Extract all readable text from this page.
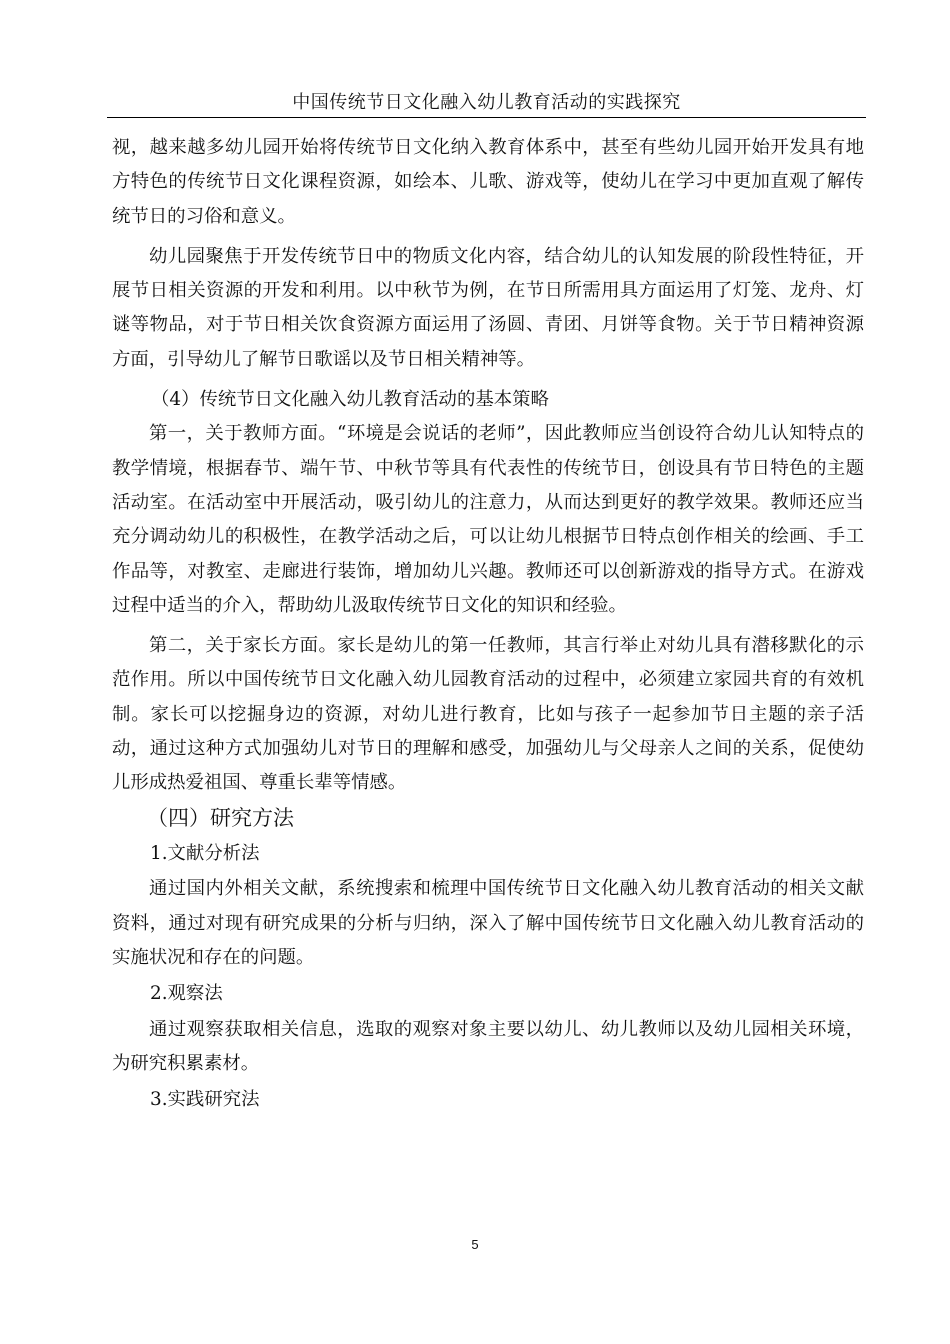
中国传统节日文化融入幼儿教育活动的实践探究

视，越来越多幼儿园开始将传统节日文化纳入教育体系中，甚至有些幼儿园开始开发具有地方特色的传统节日文化课程资源，如绘本、儿歌、游戏等，使幼儿在学习中更加直观了解传统节日的习俗和意义。

幼儿园聚焦于开发传统节日中的物质文化内容，结合幼儿的认知发展的阶段性特征，开展节日相关资源的开发和利用。以中秋节为例，在节日所需用具方面运用了灯笼、龙舟、灯谜等物品，对于节日相关饮食资源方面运用了汤圆、青团、月饼等食物。关于节日精神资源方面，引导幼儿了解节日歌谣以及节日相关精神等。

（4）传统节日文化融入幼儿教育活动的基本策略

第一，关于教师方面。“环境是会说话的老师”，因此教师应当创设符合幼儿认知特点的教学情境，根据春节、端午节、中秋节等具有代表性的传统节日，创设具有节日特色的主题活动室。在活动室中开展活动，吸引幼儿的注意力，从而达到更好的教学效果。教师还应当充分调动幼儿的积极性，在教学活动之后，可以让幼儿根据节日特点创作相关的绘画、手工作品等，对教室、走廊进行装饰，增加幼儿兴趣。教师还可以创新游戏的指导方式。在游戏过程中适当的介入，帮助幼儿汲取传统节日文化的知识和经验。

第二，关于家长方面。家长是幼儿的第一任教师，其言行举止对幼儿具有潜移默化的示范作用。所以中国传统节日文化融入幼儿园教育活动的过程中，必须建立家园共育的有效机制。家长可以挖掘身边的资源，对幼儿进行教育，比如与孩子一起参加节日主题的亲子活动，通过这种方式加强幼儿对节日的理解和感受，加强幼儿与父母亲人之间的关系，促使幼儿形成热爱祖国、尊重长辈等情感。

（四）研究方法

1.文献分析法

通过国内外相关文献，系统搜索和梳理中国传统节日文化融入幼儿教育活动的相关文献资料，通过对现有研究成果的分析与归纳，深入了解中国传统节日文化融入幼儿教育活动的实施状况和存在的问题。

2.观察法

通过观察获取相关信息，选取的观察对象主要以幼儿、幼儿教师以及幼儿园相关环境，为研究积累素材。

3.实践研究法

5
